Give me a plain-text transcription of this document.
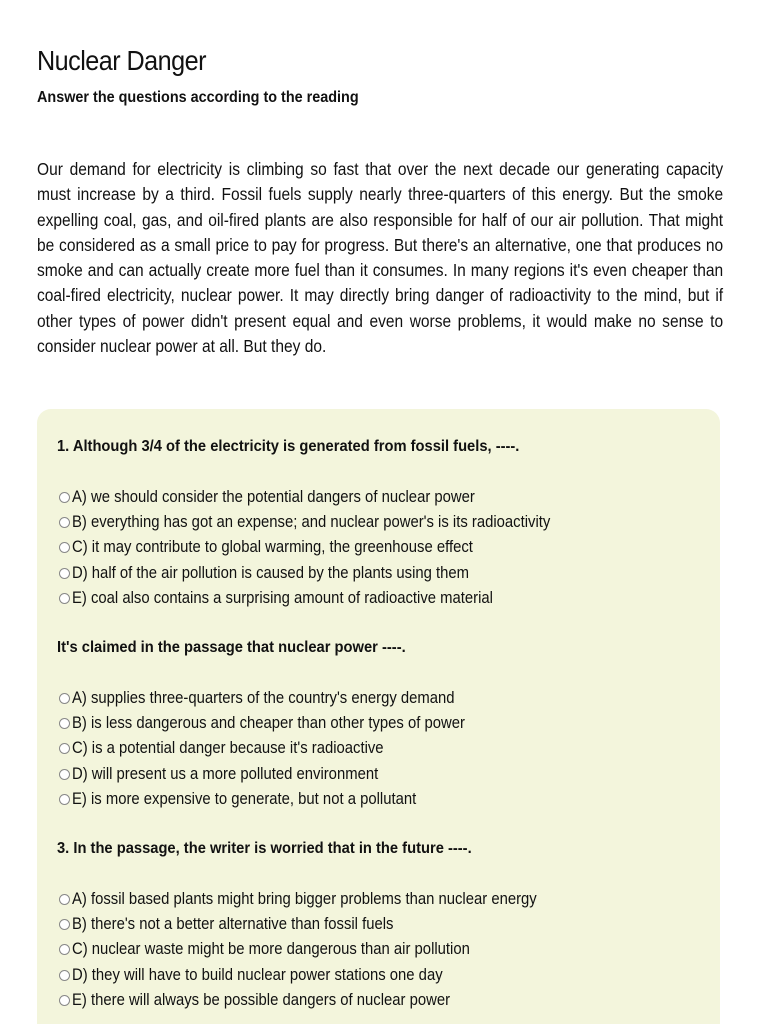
Nuclear Danger
Answer the questions according to the reading

Our demand for electricity is climbing so fast that over the next decade our generating capacity must increase by a third. Fossil fuels supply nearly three-quarters of this energy. But the smoke expelling coal, gas, and oil-fired plants are also responsible for half of our air pollution. That might be considered as a small price to pay for progress. But there's an alternative, one that produces no smoke and can actually create more fuel than it consumes. In many regions it's even cheaper than coal-fired electricity, nuclear power. It may directly bring danger of radioactivity to the mind, but if other types of power didn't present equal and even worse problems, it would make no sense to consider nuclear power at all. But they do.

1. Although 3/4 of the electricity is generated from fossil fuels, ----.
A) we should consider the potential dangers of nuclear power
B) everything has got an expense; and nuclear power's is its radioactivity
C) it may contribute to global warming, the greenhouse effect
D) half of the air pollution is caused by the plants using them
E) coal also contains a surprising amount of radioactive material
It's claimed in the passage that nuclear power ----.
A) supplies three-quarters of the country's energy demand
B) is less dangerous and cheaper than other types of power
C) is a potential danger because it's radioactive
D) will present us a more polluted environment
E) is more expensive to generate, but not a pollutant
3. In the passage, the writer is worried that in the future ----.
A) fossil based plants might bring bigger problems than nuclear energy
B) there's not a better alternative than fossil fuels
C) nuclear waste might be more dangerous than air pollution
D) they will have to build nuclear power stations one day
E) there will always be possible dangers of nuclear power
